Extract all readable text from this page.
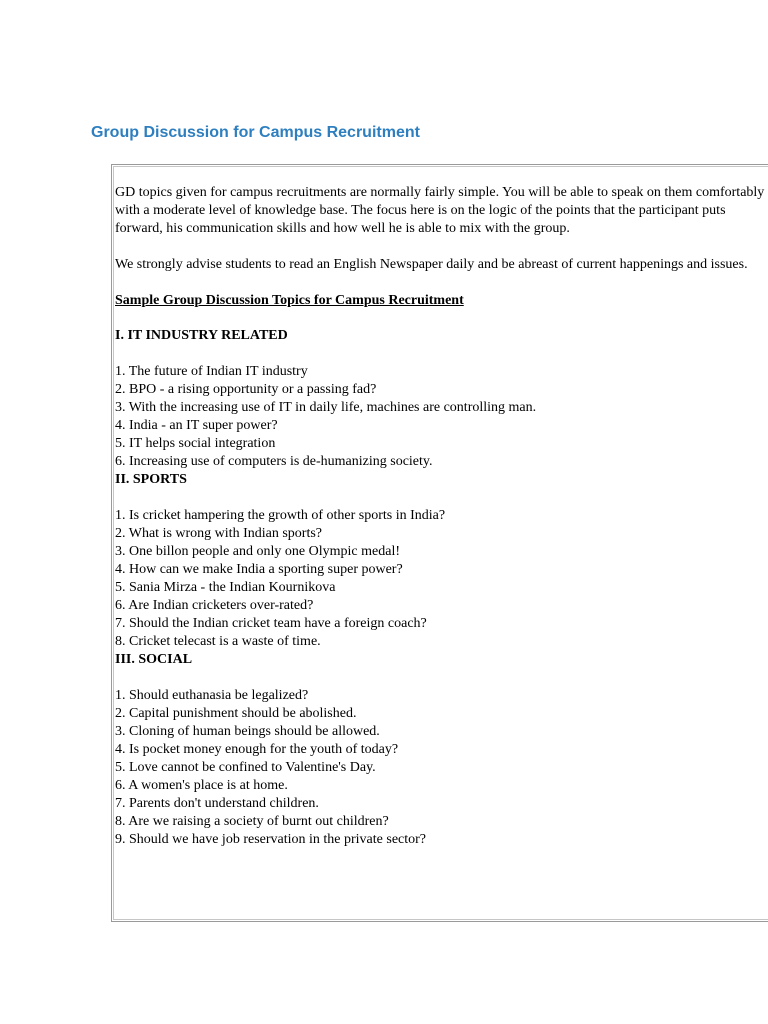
Group Discussion for Campus Recruitment

GD topics given for campus recruitments are normally fairly simple. You will be able to speak on them comfortably with a moderate level of knowledge base. The focus here is on the logic of the points that the participant puts forward, his communication skills and how well he is able to mix with the group.

We strongly advise students to read an English Newspaper daily and be abreast of current happenings and issues.

Sample Group Discussion Topics for Campus Recruitment

I. IT INDUSTRY RELATED

1. The future of Indian IT industry
2. BPO - a rising opportunity or a passing fad?
3. With the increasing use of IT in daily life, machines are controlling man.
4. India - an IT super power?
5. IT helps social integration
6. Increasing use of computers is de-humanizing society.

II. SPORTS

1. Is cricket hampering the growth of other sports in India?
2. What is wrong with Indian sports?
3. One billon people and only one Olympic medal!
4. How can we make India a sporting super power?
5. Sania Mirza - the Indian Kournikova
6. Are Indian cricketers over-rated?
7. Should the Indian cricket team have a foreign coach?
8. Cricket telecast is a waste of time.

III. SOCIAL

1. Should euthanasia be legalized?
2. Capital punishment should be abolished.
3. Cloning of human beings should be allowed.
4. Is pocket money enough for the youth of today?
5. Love cannot be confined to Valentine's Day.
6. A women's place is at home.
7. Parents don't understand children.
8. Are we raising a society of burnt out children?
9. Should we have job reservation in the private sector?
